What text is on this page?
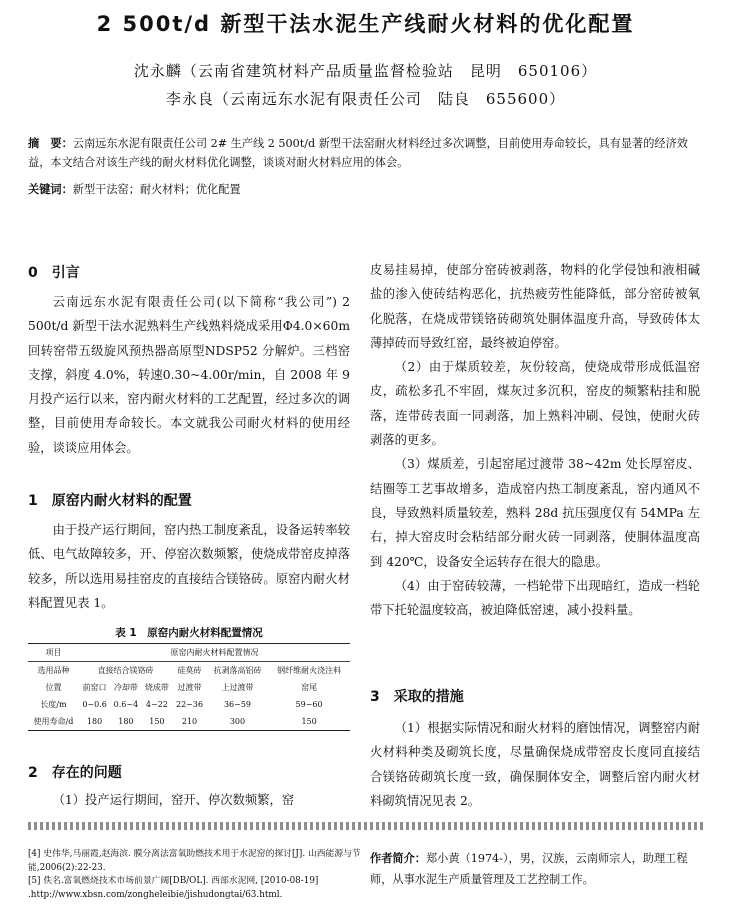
2 500t/d 新型干法水泥生产线耐火材料的优化配置
沈永麟（云南省建筑材料产品质量监督检验站　昆明　650106）
李永良（云南远东水泥有限责任公司　陆良　655600）
摘　要：云南远东水泥有限责任公司 2# 生产线 2 500t/d 新型干法窑耐火材料经过多次调整，目前使用寿命较长，具有显著的经济效益，本文结合对该生产线的耐火材料优化调整，谈谈对耐火材料应用的体会。
关键词：新型干法窑；耐火材料；优化配置
0　引言

云南远东水泥有限责任公司(以下简称“我公司”) 2 500t/d 新型干法水泥熟料生产线熟料烧成采用Φ4.0×60m 回转窑带五级旋风预热器高原型NDSP52 分解炉。三档窑支撑，斜度 4.0%，转速0.30~4.00r/min，自 2008 年 9 月投产运行以来，窑内耐火材料的工艺配置，经过多次的调整，目前使用寿命较长。本文就我公司耐火材料的使用经验，谈谈应用体会。

1　原窑内耐火材料的配置

由于投产运行期间，窑内热工制度紊乱，设备运转率较低、电气故障较多，开、停窑次数频繁，使烧成带窑皮掉落较多，所以选用易挂窑皮的直接结合镁铬砖。原窑内耐火材料配置见表 1。

表 1　原窑内耐火材料配置情况
项目	原窑内耐火材料配置情况					
选用品种	直接结合镁铬砖			硅莫砖	抗剥落高铝砖	钢纤维耐火浇注料
位置	前窑口	冷却带	烧成带	过渡带	上过渡带	窑尾
长度/m	0~0.6	0.6~4	4~22	22~36	36~59	59~60
使用寿命/d	180	180	150	210	300	150
2　存在的问题

（1）投产运行期间，窑开、停次数频繁，窑

皮易挂易掉，使部分窑砖被剥落，物料的化学侵蚀和液相碱盐的渗入使砖结构恶化，抗热疲劳性能降低，部分窑砖被氧化脱落，在烧成带镁铬砖砌筑处胴体温度升高，导致砖体太薄掉砖而导致红窑，最终被迫停窑。

（2）由于煤质较差，灰份较高，使烧成带形成低温窑皮，疏松多孔不牢固，煤灰过多沉积，窑皮的频繁粘挂和脱落，连带砖表面一同剥落，加上熟料冲刷、侵蚀，使耐火砖剥落的更多。

（3）煤质差，引起窑尾过渡带 38~42m 处长厚窑皮、结圈等工艺事故增多，造成窑内热工制度紊乱，窑内通风不良，导致熟料质量较差，熟料 28d 抗压强度仅有 54MPa 左右，掉大窑皮时会粘结部分耐火砖一同剥落，使胴体温度高到 420℃，设备安全运转存在很大的隐患。

（4）由于窑砖较薄，一档轮带下出现暗红，造成一档轮带下托轮温度较高，被迫降低窑速，减小投料量。

3　采取的措施

（1）根据实际情况和耐火材料的磨蚀情况，调整窑内耐火材料种类及砌筑长度，尽量确保烧成带窑皮长度同直接结合镁铬砖砌筑长度一致，确保胴体安全，调整后窑内耐火材料砌筑情况见表 2。

[4] 史伟华,马丽霞,赵海滨. 膜分离法富氧助燃技术用于水泥窑的探讨[J]. 山西能源与节能,2006(2):22-23.
[5] 佚名.富氧燃烧技术市场前景广阔[DB/OL]. 西部水泥网, [2010-08-19] .http://www.xbsn.com/zongheleibie/jishudongtai/63.html.
作者简介：郑小黄（1974-），男，汉族，云南师宗人，助理工程师，从事水泥生产质量管理及工艺控制工作。
